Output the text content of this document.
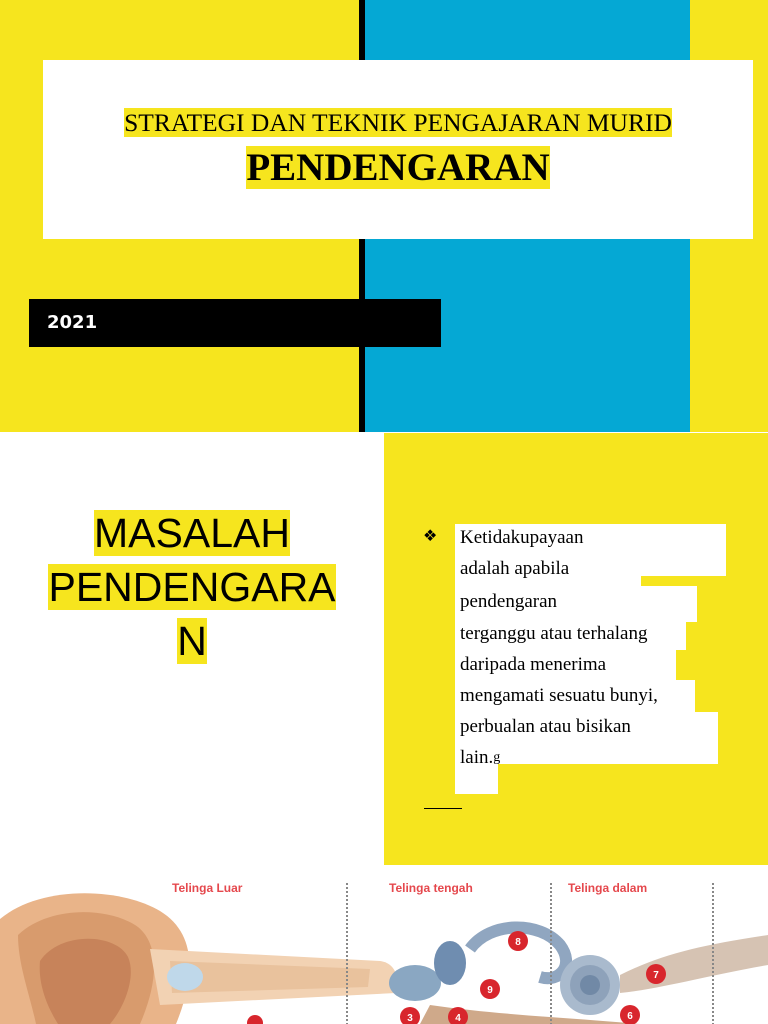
STRATEGI DAN TEKNIK PENGAJARAN MURID
PENDENGARAN
2021
MASALAH
PENDENGARA
N
❖ Ketidakupayaan
adalah apabila
pendengaran
terganggu atau terhalang
daripada menerima
mengamati sesuatu bunyi,
perbualan atau bisikan
lain.$^g$
8
9
7
3	4	6
Telinga Luar	Telinga tengah	Telinga dalam
